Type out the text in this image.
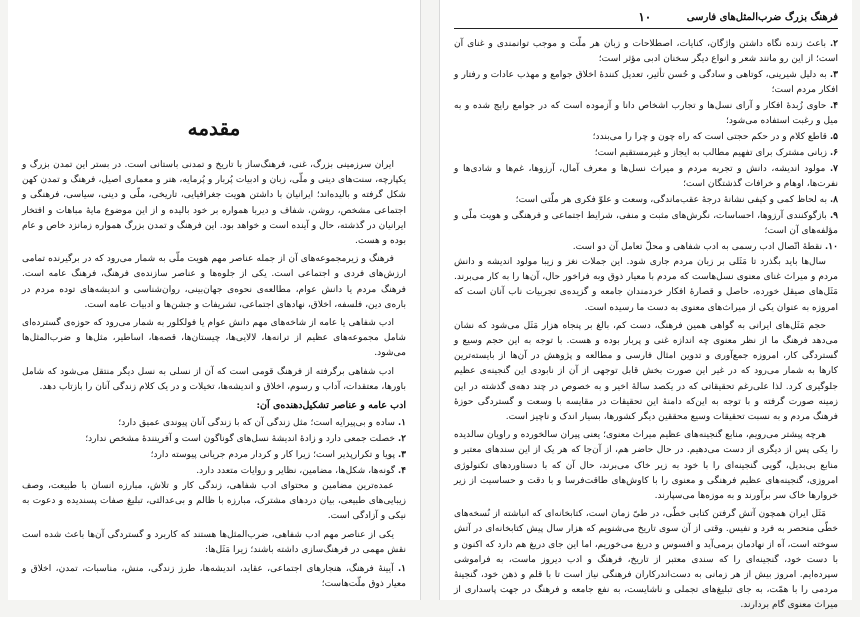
فرهنگ بزرگ ضرب‌المثل‌های فارسی
۱۰
۲. باعث زنده نگاه داشتن واژگان، کنایات، اصطلاحات و زبان هر ملّت و موجب توانمندی و غنای آن است؛ از این رو مانند شعر و انواع دیگر سخنان ادبی مؤثر است؛
۳. به دلیل شیرینی، کوتاهی و سادگی و حُسن تأثیر، تعدیل کنندهٔ اخلاق جوامع و مهذب عادات و رفتار و افکار مردم است؛
۴. حاوی زُبدهٔ افکار و آرای نسل‌ها و تجارب اشخاص دانا و آزموده است که در جوامع رایج شده و به میل و رغبت استفاده می‌شود؛
۵. قاطع کلام و در حکم حجتی است که راه چون و چرا را می‌بندد؛
۶. زبانی مشترک برای تفهیم مطالب به ایجاز و غیرمستقیم است؛
۷. مولود اندیشه، دانش و تجربه مردم و میراث نسل‌ها و معرف آمال، آرزوها، غم‌ها و شادی‌ها و نفرت‌ها، اوهام و خرافات گذشتگان است؛
۸. به لحاظ کمی و کیفی نشانهٔ درجهٔ عقب‌ماندگی، وسعت و علوّ فکری هر ملّتی است؛
۹. بازگوکنندی آرزوها، احساسات، نگرش‌های مثبت و منفی، شرایط اجتماعی و فرهنگی و هویت ملّی و مؤلفه‌های آن است؛
۱۰. نقطهٔ اتّصال ادب رسمی به ادب شفاهی و محلّ تعامل آن دو است.

سال‌ها باید بگذرد تا مَثَلی بر زبان مردم جاری شود. این جملات نغز و زیبا مولود اندیشه و دانش مردم و میراث غنای معنوی نسل‌هاست که مردم با معیار ذوق وبه فراخور حال، آن‌ها را به کار می‌برند. مَثَل‌های صیقل خورده، حاصل و قصارهٔ افکار خردمندان جامعه و گزیده‌ی تجربیات ناب آنان است که امروزه به عنوان یکی از میراث‌های معنوی به دست ما رسیده است.

حجم مَثَل‌های ایرانی به گواهی همین فرهنگ، دست کم، بالغ بر پنجاه هزار مَثَل می‌شود که نشان می‌دهد فرهنگ ما از نظر معنوی چه اندازه غنی و پربار بوده و هست. با توجه به این حجم وسیع و گستردگی کار، امروزه جمع‌آوری و تدوین امثال فارسی و مطالعه و پژوهش در آن‌ها از بایسته‌ترین کارها به شمار می‌رود که در غیر این صورت بخش قابل توجهی از آن از نابودی این گنجینه‌ی عظیم جلوگیری کرد. لذا علی‌رغم تحقیقاتی که در یکصد سالهٔ اخیر و به خصوص در چند دهه‌ی گذشته در این زمینه صورت گرفته و با توجه به این‌که دامنهٔ این تحقیقات در مقایسه با وسعت و گستردگی حوزهٔ فرهنگ مردم و به نسبت تحقیقات وسیع محققین دیگر کشورها، بسیار اندک و ناچیز است.

هرچه پیشتر می‌رویم، منابع گنجینه‌های عظیم میراث معنوی؛ یعنی پیران سالخورده و راویان سالدیده را یکی پس از دیگری از دست می‌دهیم. در حال حاضر هم، از آن‌جا که هر یک از این سندهای معتبر و منابع بی‌بدیل، گویی گنجینه‌ای را با خود به زیر خاک می‌برند، حال آن که با دستاوردهای تکنولوژی امروزی، گنجینه‌های عظیم فرهنگی و معنوی را با کاوش‌های طاقت‌فرسا و با دقت و حساسیت از زیر خروارها خاک سر برآورند و به موزه‌ها می‌سپارند.

مَثَل ایران همچون آتش گرفتن کتابی خطّی، در طیّ زمان است، کتابخانه‌ای که انباشته از نُسخه‌های خطّی منحصر به فرد و نفیس. وقتی از آن سوی تاریخ می‌شنویم که هزار سال پیش کتابخانه‌ای در آتش سوخته است، آه از نهادمان برمی‌آید و افسوس و دریغ می‌خوریم، اما این جای دریغ هم دارد که اکنون و با دست خود، گنجینه‌ای را که سندی معتبر از تاریخ، فرهنگ و ادب دیروز ماست، به فراموشی سپرده‌ایم. امروز بیش از هر زمانی به دست‌اندرکاران فرهنگی نیاز است تا با قلم و ذهن خود، گنجینهٔ مردمی را با همّت، به جای تبلیغ‌های تجملی و ناشایست، به نفع جامعه و فرهنگ در جهت پاسداری از میراث معنوی گام بردارند.

مقدمه

ایران سرزمینی بزرگ، غنی، فرهنگ‌ساز با تاریخ و تمدنی باستانی است. در بستر این تمدن بزرگ و یکپارچه، سنت‌های دینی و ملّی، زبان و ادبیات پُربار و پُرمایه، هنر و معماری اصیل، فرهنگ و تمدن کهن شکل گرفته و بالیده‌اند؛ ایرانیان با داشتن هویت جغرافیایی، تاریخی، ملّی و دینی، سیاسی، فرهنگی و اجتماعی مشخص، روشن، شفاف و دیربا همواره بر خود بالیده و از این موضوع مایهٔ مباهات و افتخار ایرانیان در گذشته، حال و آینده است و خواهد بود. این فرهنگ و تمدن بزرگ همواره زمانزد خاص و عام بوده و هست.

فرهنگ و زیرمجموعه‌های آن از جمله عناصر مهم هویت ملّی به شمار می‌رود که در برگیرنده تمامی ارزش‌های فردی و اجتماعی است. یکی از جلوه‌ها و عناصر سازنده‌ی فرهنگ، فرهنگ عامه است. فرهنگ مردم یا دانش عوام، مطالعه‌ی نحوه‌ی جهان‌بینی، روان‌شناسی و اندیشه‌های توده مردم در باره‌ی دین، فلسفه، اخلاق، نهادهای اجتماعی، تشریفات و جشن‌ها و ادبیات عامه است.

ادب شفاهی یا عامه از شاخه‌های مهم دانش عوام یا فولکلور به شمار می‌رود که حوزه‌ی گسترده‌ای شامل مجموعه‌های عظیم از ترانه‌ها، لالایی‌ها، چیستان‌ها، قصه‌ها، اساطیر، مثل‌ها و ضرب‌المثل‌ها می‌شود.

ادب شفاهی برگرفته از فرهنگ قومی است که آن از نسلی به نسل دیگر منتقل می‌شود که شامل باورها، معتقدات، آداب و رسوم، اخلاق و اندیشه‌ها، تخیلات و در یک کلام زندگی آنان را بازتاب دهد.

ادب عامه و عناصر تشکیل‌دهنده‌ی آن:
۱. ساده و بی‌پیرایه است؛ مثل زندگی آن که با زندگی آنان پیوندی عمیق دارد؛
۲. خصلت جمعی دارد و زادهٔ اندیشهٔ نسل‌های گوناگون است و آفرینندهٔ مشخص ندارد؛
۳. پویا و تکرارپذیر است؛ زیرا کار و کردار مردم جریانی پیوسته دارد؛
۴. گونه‌ها، شکل‌ها، مضامین، نظایر و روایات متعدد دارد.

عمده‌ترین مضامین و محتوای ادب شفاهی، زندگی کار و تلاش، مبارزه انسان با طبیعت، وصف زیبایی‌های طبیعی، بیان دردهای مشترک، مبارزه با ظالم و بی‌عدالتی، تبلیغ صفات پسندیده و دعوت به نیکی و آزادگی است.

یکی از عناصر مهم ادب شفاهی، ضرب‌المثل‌ها هستند که کاربرد و گستردگی آن‌ها باعث شده است نقش مهمی در فرهنگ‌سازی داشته باشند؛ زیرا مَثَل‌ها:

۱. آیینهٔ فرهنگ، هنجارهای اجتماعی، عقاید، اندیشه‌ها، طرز زندگی، منش، مناسبات، تمدن، اخلاق و معیار ذوق ملّت‌هاست؛
